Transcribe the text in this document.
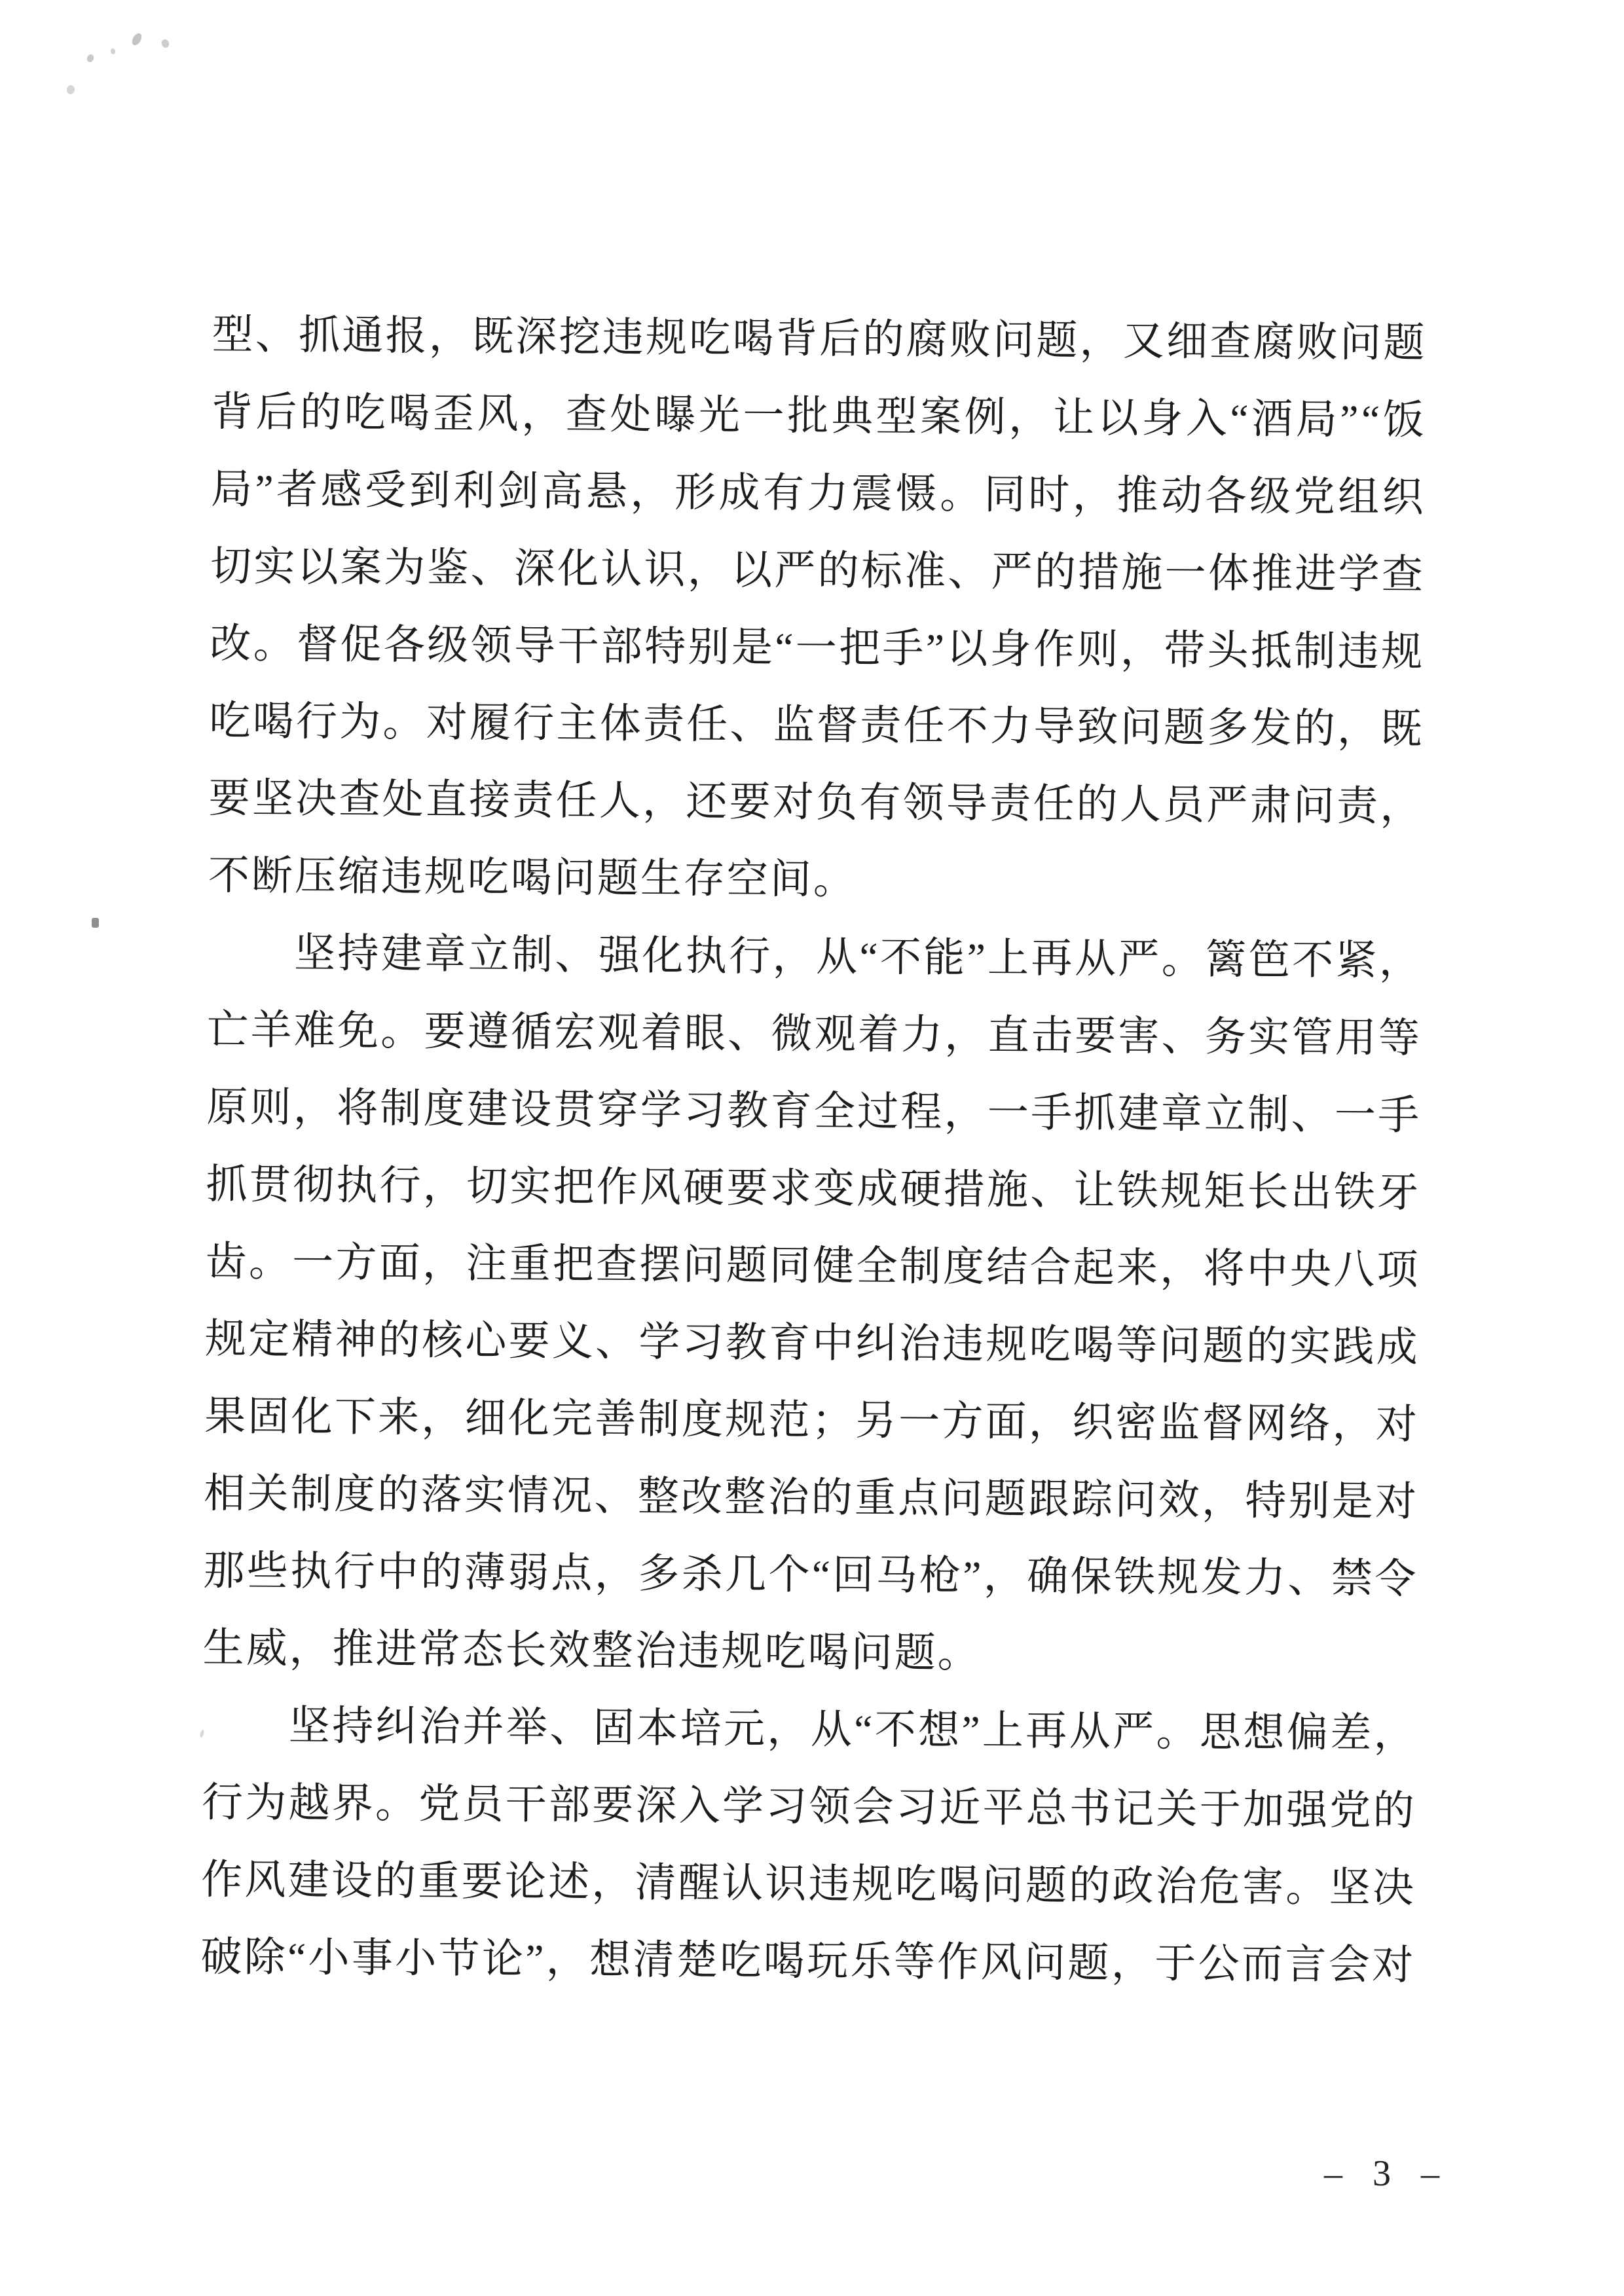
型 、 抓 通 报 ， 既 深 挖 违 规 吃 喝 背 后 的 腐 败 问 题 ， 又 细 查 腐 败 问 题
背 后 的 吃 喝 歪 风 ， 查 处 曝 光 一 批 典 型 案 例 ， 让 以 身 入 “ 酒 局 ” “ 饭
局 ” 者 感 受 到 利 剑 高 悬 ， 形 成 有 力 震 慑 。 同 时 ， 推 动 各 级 党 组 织
切 实 以 案 为 鉴 、 深 化 认 识 ， 以 严 的 标 准 、 严 的 措 施 一 体 推 进 学 查
改 。 督 促 各 级 领 导 干 部 特 别 是 “ 一 把 手 ” 以 身 作 则 ， 带 头 抵 制 违 规
吃 喝 行 为 。 对 履 行 主 体 责 任 、 监 督 责 任 不 力 导 致 问 题 多 发 的 ， 既
要 坚 决 查 处 直 接 责 任 人 ， 还 要 对 负 有 领 导 责 任 的 人 员 严 肃 问 责 ，
不断压缩违规吃喝问题生存空间。
坚 持 建 章 立 制 、 强 化 执 行 ， 从 “ 不 能 ” 上 再 从 严 。 篱 笆 不 紧 ，
亡 羊 难 免 。 要 遵 循 宏 观 着 眼 、 微 观 着 力 ， 直 击 要 害 、 务 实 管 用 等
原 则 ， 将 制 度 建 设 贯 穿 学 习 教 育 全 过 程 ， 一 手 抓 建 章 立 制 、 一 手
抓 贯 彻 执 行 ， 切 实 把 作 风 硬 要 求 变 成 硬 措 施 、 让 铁 规 矩 长 出 铁 牙
齿 。 一 方 面 ， 注 重 把 查 摆 问 题 同 健 全 制 度 结 合 起 来 ， 将 中 央 八 项
规 定 精 神 的 核 心 要 义 、 学 习 教 育 中 纠 治 违 规 吃 喝 等 问 题 的 实 践 成
果 固 化 下 来 ， 细 化 完 善 制 度 规 范 ； 另 一 方 面 ， 织 密 监 督 网 络 ， 对
相 关 制 度 的 落 实 情 况 、 整 改 整 治 的 重 点 问 题 跟 踪 问 效 ， 特 别 是 对
那 些 执 行 中 的 薄 弱 点 ， 多 杀 几 个 “ 回 马 枪 ” ， 确 保 铁 规 发 力 、 禁 令
生威，推进常态长效整治违规吃喝问题。
坚 持 纠 治 并 举 、 固 本 培 元 ， 从 “ 不 想 ” 上 再 从 严 。 思 想 偏 差 ，
行 为 越 界 。 党 员 干 部 要 深 入 学 习 领 会 习 近 平 总 书 记 关 于 加 强 党 的
作 风 建 设 的 重 要 论 述 ， 清 醒 认 识 违 规 吃 喝 问 题 的 政 治 危 害 。 坚 决
破 除 “ 小 事 小 节 论 ” ， 想 清 楚 吃 喝 玩 乐 等 作 风 问 题 ， 于 公 而 言 会 对
– 3 –
